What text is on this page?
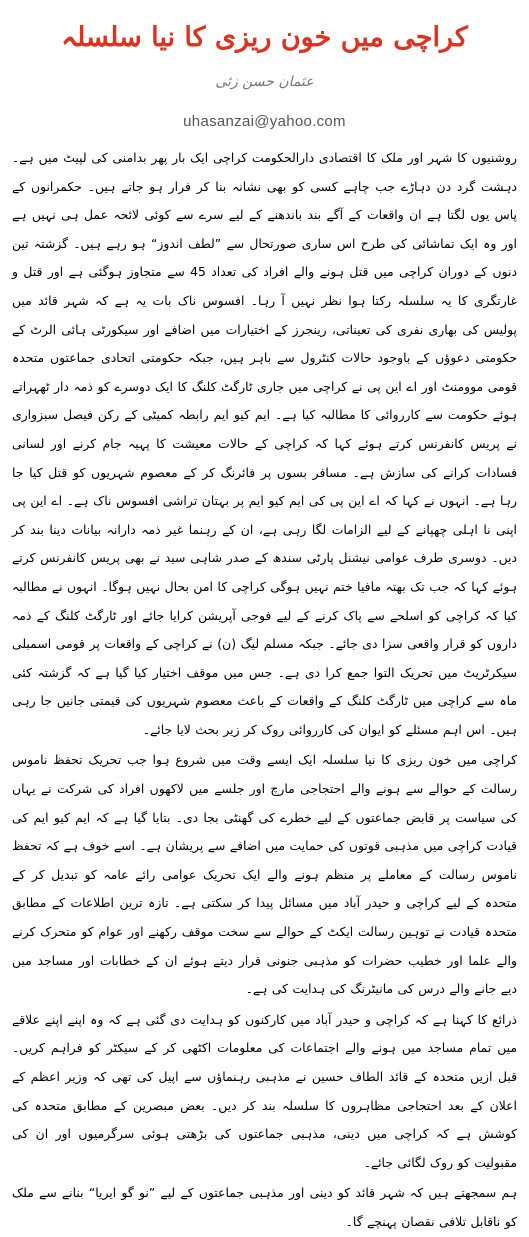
کراچی میں خون ریزی کا نیا سلسلہ
عثمان حسن زئی
uhasanzai@yahoo.com

روشنیوں کا شہر اور ملک کا اقتصادی دارالحکومت کراچی ایک بار پھر بدامنی کی لپیٹ میں ہے۔ دہشت گرد دن دہاڑے جب چاہے کسی کو بھی نشانہ بنا کر فرار ہو جاتے ہیں۔ حکمرانوں کے پاس یوں لگتا ہے ان واقعات کے آگے بند باندھنے کے لیے سرے سے کوئی لائحہ عمل ہی نہیں ہے اور وہ ایک تماشائی کی طرح اس ساری صورتحال سے ”لطف اندوز“ ہو رہے ہیں۔ گزشتہ تین دنوں کے دوران کراچی میں قتل ہونے والے افراد کی تعداد 45 سے متجاوز ہوگئی ہے اور قتل و غارتگری کا یہ سلسلہ رکتا ہوا نظر نہیں آ رہا۔ افسوس ناک بات یہ ہے کہ شہر قائد میں پولیس کی بھاری نفری کی تعیناتی، رینجرز کے اختیارات میں اضافے اور سیکورٹی ہائی الرٹ کے حکومتی دعوؤں کے باوجود حالات کنٹرول سے باہر ہیں، جبکہ حکومتی اتحادی جماعتوں متحدہ قومی موومنٹ اور اے این پی نے کراچی میں جاری ٹارگٹ کلنگ کا ایک دوسرے کو ذمہ دار ٹھہراتے ہوئے حکومت سے کارروائی کا مطالبہ کیا ہے۔ ایم کیو ایم رابطہ کمیٹی کے رکن فیصل سبزواری نے پریس کانفرنس کرتے ہوئے کہا کہ کراچی کے حالات معیشت کا پہیہ جام کرنے اور لسانی فسادات کرانے کی سازش ہے۔ مسافر بسوں پر فائرنگ کر کے معصوم شہریوں کو قتل کیا جا رہا ہے۔ انہوں نے کہا کہ اے این پی کی ایم کیو ایم پر بہتان تراشی افسوس ناک ہے۔ اے این پی اپنی نا اہلی چھپانے کے لیے الزامات لگا رہی ہے، ان کے رہنما غیر ذمہ دارانہ بیانات دینا بند کر دیں۔ دوسری طرف عوامی نیشنل پارٹی سندھ کے صدر شاہی سید نے بھی پریس کانفرنس کرتے ہوئے کہا کہ جب تک بھتہ مافیا ختم نہیں ہوگی کراچی کا امن بحال نہیں ہوگا۔ انہوں نے مطالبہ کیا کہ کراچی کو اسلحے سے پاک کرنے کے لیے فوجی آپریشن کرایا جائے اور ٹارگٹ کلنگ کے ذمہ داروں کو قرار واقعی سزا دی جائے۔ جبکہ مسلم لیگ (ن) نے کراچی کے واقعات پر قومی اسمبلی سیکرٹریٹ میں تحریک التوا جمع کرا دی ہے۔ جس میں موقف اختیار کیا گیا ہے کہ گزشتہ کئی ماہ سے کراچی میں ٹارگٹ کلنگ کے واقعات کے باعث معصوم شہریوں کی قیمتی جانیں جا رہی ہیں۔ اس اہم مسئلے کو ایوان کی کارروائی روک کر زیر بحث لایا جائے۔

کراچی میں خون ریزی کا نیا سلسلہ ایک ایسے وقت میں شروع ہوا جب تحریک تحفظ ناموس رسالت کے حوالے سے ہونے والے احتجاجی مارچ اور جلسے میں لاکھوں افراد کی شرکت نے یہاں کی سیاست پر قابض جماعتوں کے لیے خطرے کی گھنٹی بجا دی۔ بتایا گیا ہے کہ ایم کیو ایم کی قیادت کراچی میں مذہبی قوتوں کی حمایت میں اضافے سے پریشان ہے۔ اسے خوف ہے کہ تحفظ ناموس رسالت کے معاملے پر منظم ہونے والے ایک تحریک عوامی رائے عامہ کو تبدیل کر کے متحدہ کے لیے کراچی و حیدر آباد میں مسائل پیدا کر سکتی ہے۔ تازہ ترین اطلاعات کے مطابق متحدہ قیادت نے توہین رسالت ایکٹ کے حوالے سے سخت موقف رکھنے اور عوام کو متحرک کرنے والے علما اور خطیب حضرات کو مذہبی جنونی قرار دیتے ہوئے ان کے خطابات اور مساجد میں دیے جانے والے درس کی مانیٹرنگ کی ہدایت کی ہے۔

ذرائع کا کہنا ہے کہ کراچی و حیدر آباد میں کارکنوں کو ہدایت دی گئی ہے کہ وہ اپنے اپنے علاقے میں تمام مساجد میں ہونے والے اجتماعات کی معلومات اکٹھی کر کے سیکٹر کو فراہم کریں۔ قبل ازیں متحدہ کے قائد الطاف حسین نے مذہبی رہنماؤں سے اپیل کی تھی کہ وزیر اعظم کے اعلان کے بعد احتجاجی مظاہروں کا سلسلہ بند کر دیں۔ بعض مبصرین کے مطابق متحدہ کی کوشش ہے کہ کراچی میں دینی، مذہبی جماعتوں کی بڑھتی ہوئی سرگرمیوں اور ان کی مقبولیت کو روک لگائی جائے۔

ہم سمجھتے ہیں کہ شہر قائد کو دینی اور مذہبی جماعتوں کے لیے ”نو گو ایریا“ بنانے سے ملک کو ناقابل تلافی نقصان پہنچے گا۔
